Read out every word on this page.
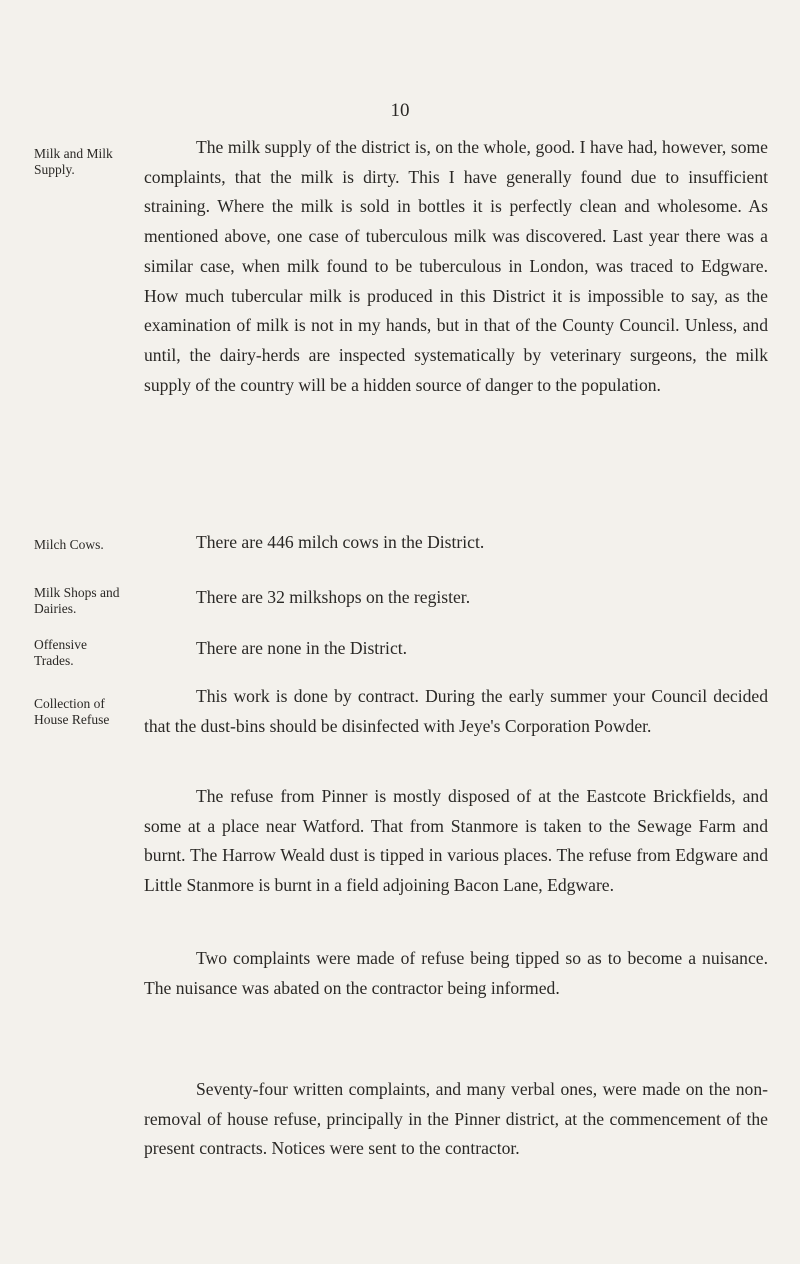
10
Milk and Milk Supply.

The milk supply of the district is, on the whole, good. I have had, however, some complaints, that the milk is dirty. This I have generally found due to insufficient straining. Where the milk is sold in bottles it is perfectly clean and wholesome. As mentioned above, one case of tuberculous milk was discovered. Last year there was a similar case, when milk found to be tuberculous in London, was traced to Edgware. How much tubercular milk is produced in this District it is impossible to say, as the examination of milk is not in my hands, but in that of the County Council. Unless, and until, the dairy-herds are inspected systematically by veterinary surgeons, the milk supply of the country will be a hidden source of danger to the population.

Milch Cows.	There are 446 milch cows in the District.

Milk Shops and Dairies.

There are 32 milkshops on the register.

Offensive Trades.

There are none in the District.

Collection of House Refuse

This work is done by contract. During the early summer your Council decided that the dust-bins should be disinfected with Jeye's Corporation Powder.

The refuse from Pinner is mostly disposed of at the Eastcote Brickfields, and some at a place near Watford. That from Stanmore is taken to the Sewage Farm and burnt. The Harrow Weald dust is tipped in various places. The refuse from Edgware and Little Stanmore is burnt in a field adjoining Bacon Lane, Edgware.

Two complaints were made of refuse being tipped so as to become a nuisance. The nuisance was abated on the contractor being informed.

Seventy-four written complaints, and many verbal ones, were made on the non-removal of house refuse, principally in the Pinner district, at the commencement of the present contracts. Notices were sent to the contractor.
